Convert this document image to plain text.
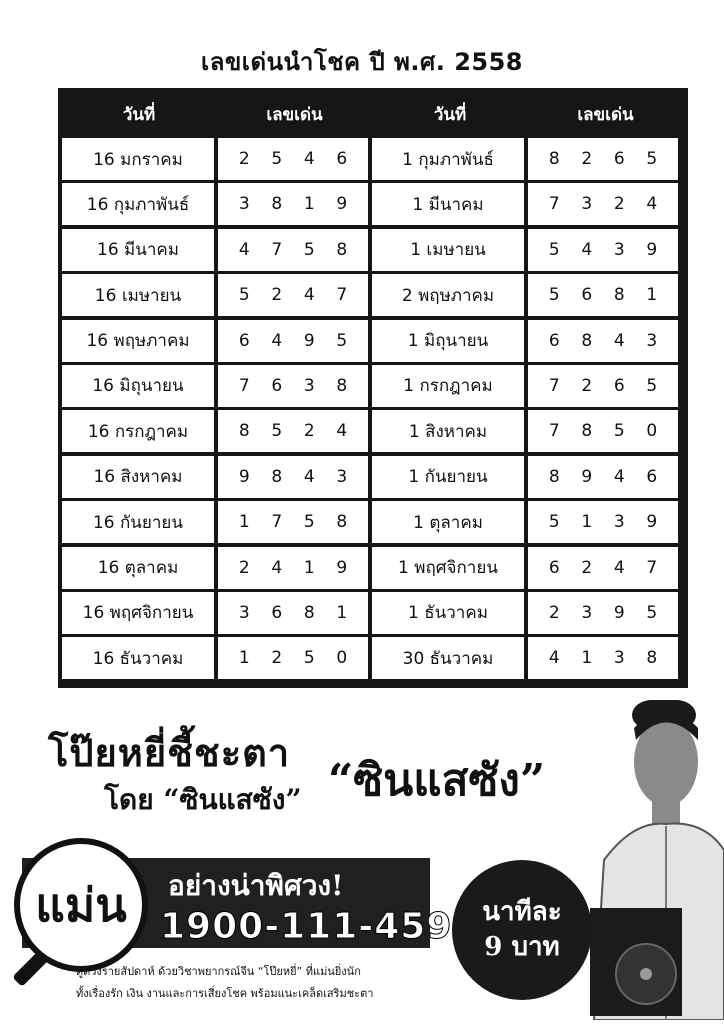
เลขเด่นนำโชค ปี พ.ศ. 2558
วันที่	เลขเด่น	วันที่	เลขเด่น
16 มกราคม	2 5 4 6	1 กุมภาพันธ์	8 2 6 5
16 กุมภาพันธ์	3 8 1 9	1 มีนาคม	7 3 2 4
16 มีนาคม	4 7 5 8	1 เมษายน	5 4 3 9
16 เมษายน	5 2 4 7	2 พฤษภาคม	5 6 8 1
16 พฤษภาคม	6 4 9 5	1 มิถุนายน	6 8 4 3
16 มิถุนายน	7 6 3 8	1 กรกฎาคม	7 2 6 5
16 กรกฎาคม	8 5 2 4	1 สิงหาคม	7 8 5 0
16 สิงหาคม	9 8 4 3	1 กันยายน	8 9 4 6
16 กันยายน	1 7 5 8	1 ตุลาคม	5 1 3 9
16 ตุลาคม	2 4 1 9	1 พฤศจิกายน	6 2 4 7
16 พฤศจิกายน	3 6 8 1	1 ธันวาคม	2 3 9 5
16 ธันวาคม	1 2 5 0	30 ธันวาคม	4 1 3 8
โป๊ยหยี่ชี้ชะตา
โดย “ซินแสซัง” “ซินแสซัง”
แม่น อย่างน่าพิศวง!
1900-111-459
ดูดวงรายสัปดาห์ ด้วยวิชาพยากรณ์จีน “โป๊ยหยี่” ที่แม่นยิ่งนัก
ทั้งเรื่องรัก เงิน งานและการเสี่ยงโชค พร้อมแนะเคล็ดเสริมชะตา
นาทีละ
9 บาท
